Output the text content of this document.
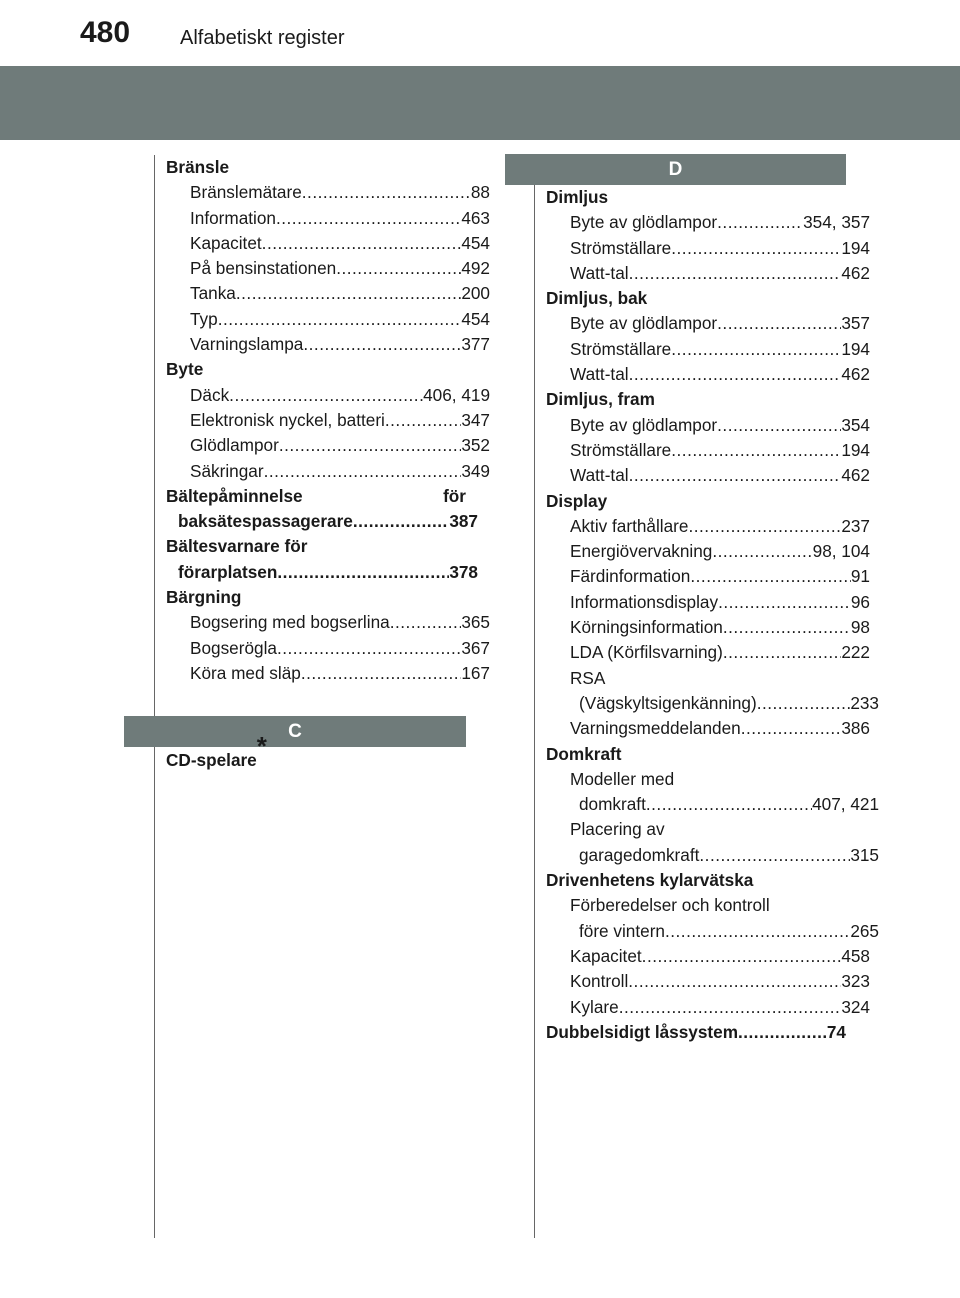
480 Alfabetiskt register
Bränsle
Bränslemätare .....	88
Information .....	463
Kapacitet .....	454
På bensinstationen .....	492
Tanka .....	200
Typ .....	454
Varningslampa .....	377
Byte
Däck .....	406, 419
Elektronisk nyckel, batteri .....	347
Glödlampor .....	352
Säkringar .....	349
Bältepåminnelse	för
baksätespassagerare .....	387
Bältesvarnare för
förarplatsen .....	378
Bärgning
Bogsering med bogserlina .....	365
Bogserögla .....	367
Köra med släp .....	167
C
CD-spelare*
D
Dimljus
Byte av glödlampor .....	354, 357
Strömställare .....	194
Watt-tal .....	462
Dimljus, bak
Byte av glödlampor .....	357
Strömställare .....	194
Watt-tal .....	462
Dimljus, fram
Byte av glödlampor .....	354
Strömställare .....	194
Watt-tal .....	462
Display
Aktiv farthållare .....	237
Energiövervakning .....	98, 104
Färdinformation .....	91
Informationsdisplay .....	96
Körningsinformation .....	98
LDA (Körfilsvarning) .....	222
RSA
(Vägskyltsigenkänning) .....	233
Varningsmeddelanden .....	386
Domkraft
Modeller med
domkraft .....	407, 421
Placering av
garagedomkraft .....	315
Drivenhetens kylarvätska
Förberedelser och kontroll
före vintern .....	265
Kapacitet .....	458
Kontroll .....	323
Kylare .....	324
Dubbelsidigt låssystem .....	74
